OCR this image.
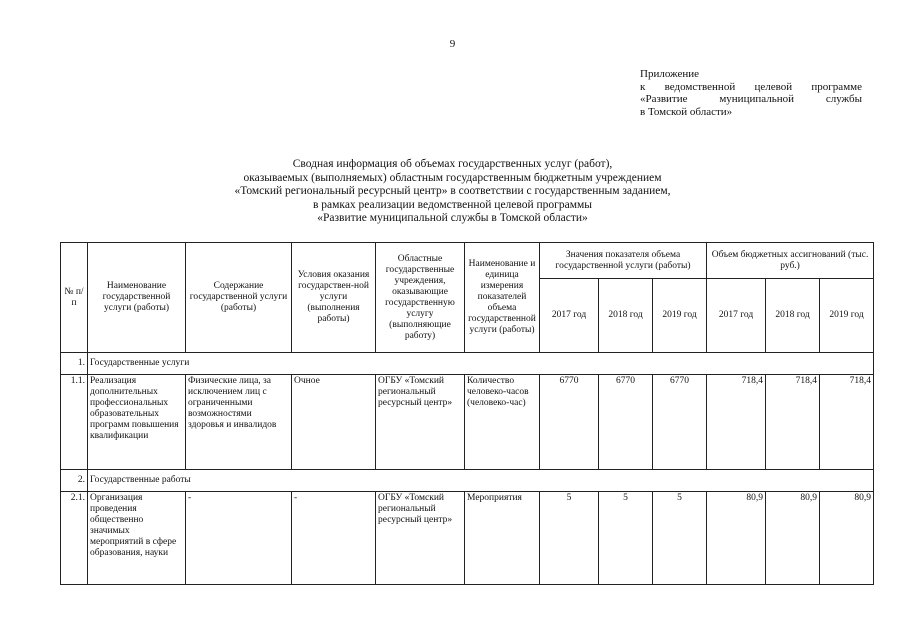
9
Приложение
к ведомственной целевой программе
«Развитие муниципальной службы
в Томской области»
Сводная информация об объемах государственных услуг (работ),
оказываемых (выполняемых) областным государственным бюджетным учреждением
«Томский региональный ресурсный центр» в соответствии с государственным заданием,
в рамках реализации ведомственной целевой программы
«Развитие муниципальной службы в Томской области»
№ п/п	Наименование государственной услуги (работы)	Содержание государственной услуги (работы)	Условия оказания государствен-ной услуги (выполнения работы)	Областные государственные учреждения, оказывающие государственную услугу (выполняющие работу)	Наименование и единица измерения показателей объема государственной услуги (работы)	Значения показателя объема государственной услуги (работы)			Объем бюджетных ассигнований (тыс. руб.)		
						2017 год	2018 год	2019 год	2017 год	2018 год	2019 год
1.	Государственные услуги										
1.1.	Реализация дополнительных профессиональных образовательных программ повышения квалификации	Физические лица, за исключением лиц с ограниченными возможностями здоровья и инвалидов	Очное	ОГБУ «Томский региональный ресурсный центр»	Количество человеко-часов (человеко-час)	6770	6770	6770	718,4	718,4	718,4
2.	Государственные работы										
2.1.	Организация проведения общественно значимых мероприятий в сфере образования, науки	-	-	ОГБУ «Томский региональный ресурсный центр»	Мероприятия	5	5	5	80,9	80,9	80,9
